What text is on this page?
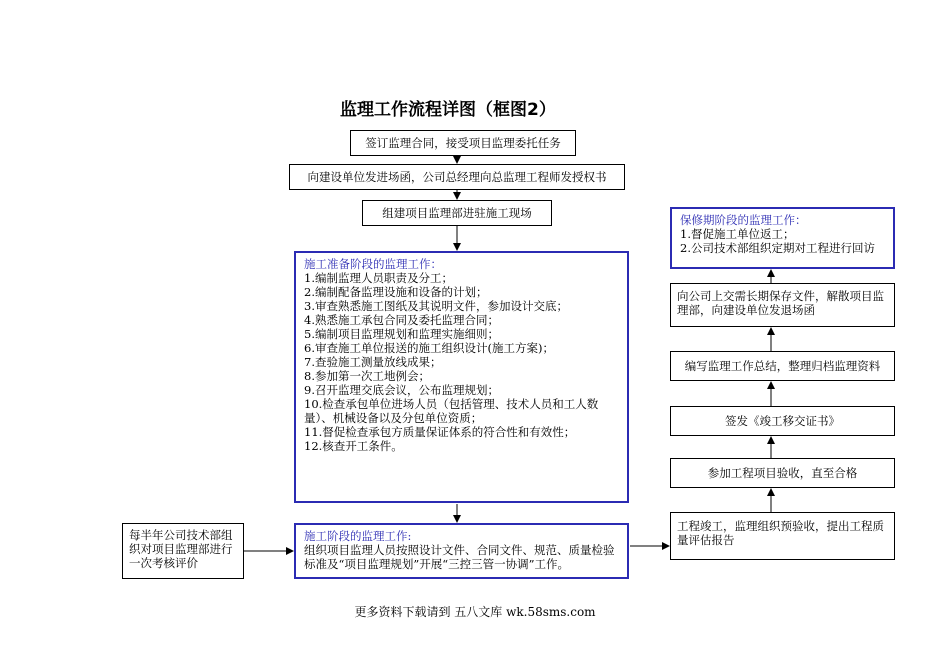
监理工作流程详图（框图2）
签订监理合同，接受项目监理委托任务
向建设单位发进场函，公司总经理向总监理工程师发授权书
组建项目监理部进驻施工现场
施工准备阶段的监理工作：
1.编制监理人员职责及分工；
2.编制配备监理设施和设备的计划；
3.审查熟悉施工图纸及其说明文件，参加设计交底；
4.熟悉施工承包合同及委托监理合同；
5.编制项目监理规划和监理实施细则；
6.审查施工单位报送的施工组织设计(施工方案)；
7.查验施工测量放线成果；
8.参加第一次工地例会；
9.召开监理交底会议，公布监理规划；
10.检查承包单位进场人员（包括管理、技术人员和工人数量）、机械设备以及分包单位资质；
11.督促检查承包方质量保证体系的符合性和有效性；
12.核查开工条件。
施工阶段的监理工作:
组织项目监理人员按照设计文件、合同文件、规范、质量检验标准及“项目监理规划”开展“三控三管一协调”工作。
每半年公司技术部组织对项目监理部进行一次考核评价
保修期阶段的监理工作：
1.督促施工单位返工；
2.公司技术部组织定期对工程进行回访
向公司上交需长期保存文件，解散项目监理部，向建设单位发退场函
编写监理工作总结，整理归档监理资料
签发《竣工移交证书》
参加工程项目验收，直至合格
工程竣工，监理组织预验收，提出工程质量评估报告
更多资料下载请到 五八文库 wk.58sms.com
